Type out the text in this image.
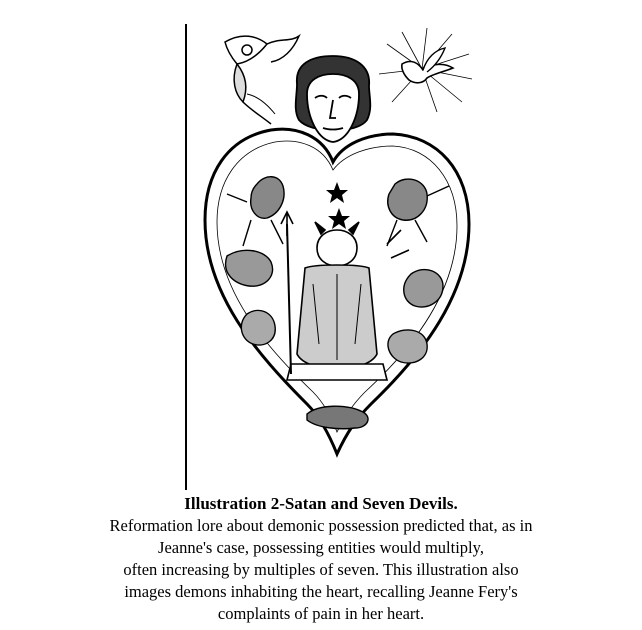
Illustration 2-Satan and Seven Devils.
Reformation lore about demonic possession predicted that, as in
Jeanne's case, possessing entities would multiply,
often increasing by multiples of seven. This illustration also
images demons inhabiting the heart, recalling Jeanne Fery's
complaints of pain in her heart.
